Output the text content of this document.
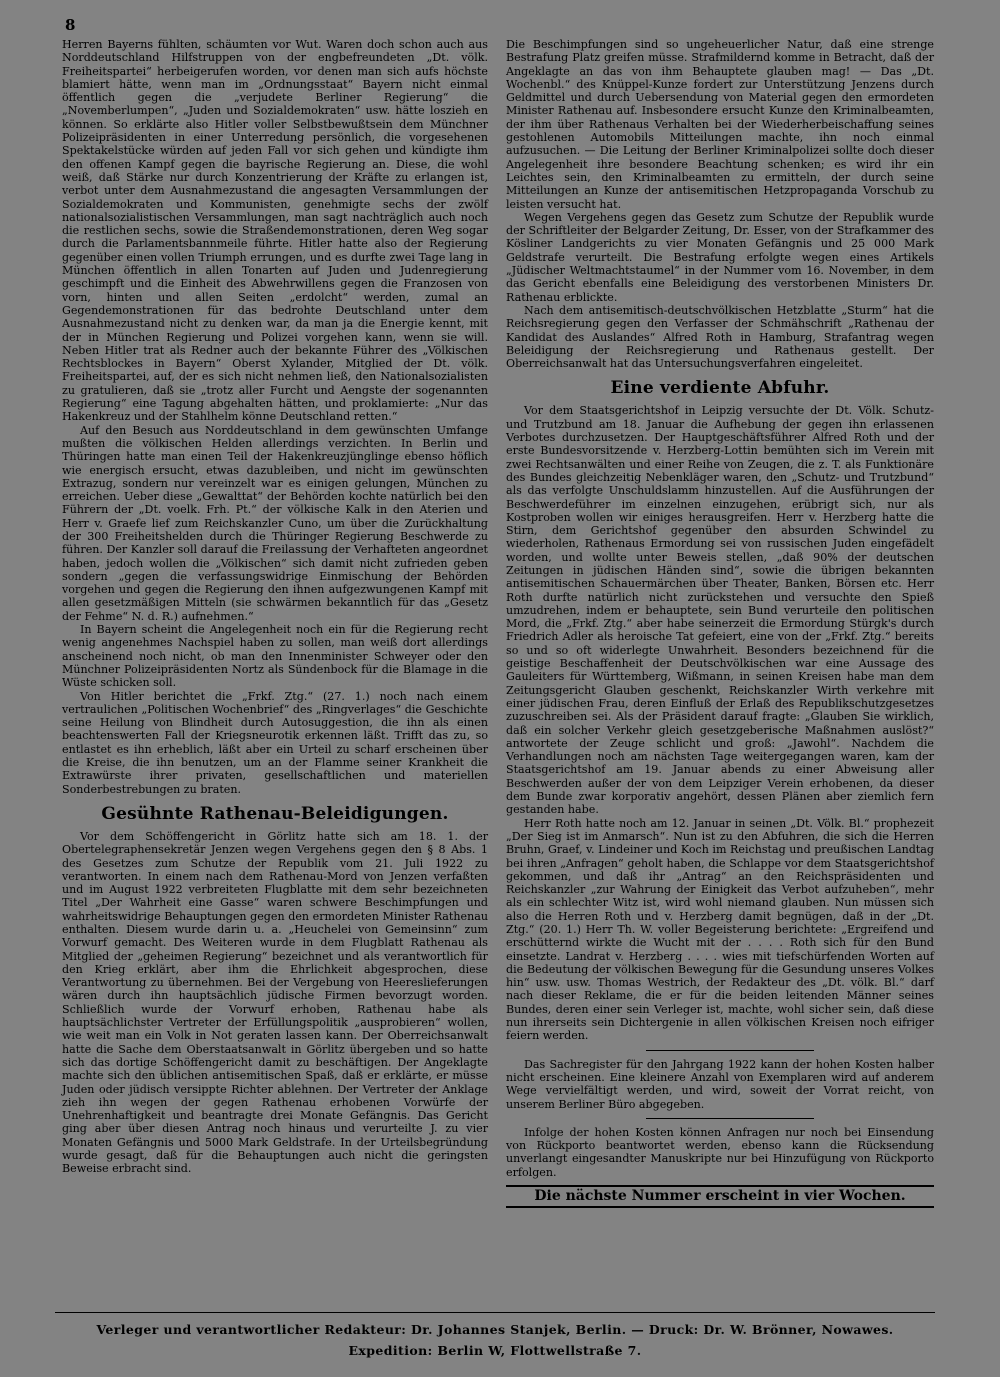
8

Herren Bayerns fühlten, schäumten vor Wut. Waren doch schon auch aus Norddeutschland Hilfstruppen von der engbefreundeten „Dt. völk. Freiheitspartei“ herbeigerufen worden, vor denen man sich aufs höchste blamiert hätte, wenn man im „Ordnungsstaat“ Bayern nicht einmal öffentlich gegen die „verjudete Berliner Regierung“ die „Novemberlumpen“, „Juden und Sozialdemokraten“ usw. hätte loszieh en können. So erklärte also Hitler voller Selbstbewußtsein dem Münchner Polizeipräsidenten in einer Unterredung persönlich, die vorgesehenen Spektakelstücke würden auf jeden Fall vor sich gehen und kündigte ihm den offenen Kampf gegen die bayrische Regierung an. Diese, die wohl weiß, daß Stärke nur durch Konzentrierung der Kräfte zu erlangen ist, verbot unter dem Ausnahmezustand die angesagten Versammlungen der Sozialdemokraten und Kommunisten, genehmigte sechs der zwölf nationalsozialistischen Versammlungen, man sagt nachträglich auch noch die restlichen sechs, sowie die Straßendemonstrationen, deren Weg sogar durch die Parlamentsbannmeile führte. Hitler hatte also der Regierung gegenüber einen vollen Triumph errungen, und es durfte zwei Tage lang in München öffentlich in allen Tonarten auf Juden und Judenregierung geschimpft und die Einheit des Abwehrwillens gegen die Franzosen von vorn, hinten und allen Seiten „erdolcht“ werden, zumal an Gegendemonstrationen für das bedrohte Deutschland unter dem Ausnahmezustand nicht zu denken war, da man ja die Energie kennt, mit der in München Regierung und Polizei vorgehen kann, wenn sie will. Neben Hitler trat als Redner auch der bekannte Führer des „Völkischen Rechtsblockes in Bayern“ Oberst Xylander, Mitglied der Dt. völk. Freiheitspartei, auf, der es sich nicht nehmen ließ, den Nationalsozialisten zu gratulieren, daß sie „trotz aller Furcht und Aengste der sogenannten Regierung“ eine Tagung abgehalten hätten, und proklamierte: „Nur das Hakenkreuz und der Stahlhelm könne Deutschland retten.“

Auf den Besuch aus Norddeutschland in dem gewünschten Umfange mußten die völkischen Helden allerdings verzichten. In Berlin und Thüringen hatte man einen Teil der Hakenkreuzjünglinge ebenso höflich wie energisch ersucht, etwas dazubleiben, und nicht im gewünschten Extrazug, sondern nur vereinzelt war es einigen gelungen, München zu erreichen. Ueber diese „Gewalttat“ der Behörden kochte natürlich bei den Führern der „Dt. voelk. Frh. Pt.“ der völkische Kalk in den Aterien und Herr v. Graefe lief zum Reichskanzler Cuno, um über die Zurückhaltung der 300 Freiheitshelden durch die Thüringer Regierung Beschwerde zu führen. Der Kanzler soll darauf die Freilassung der Verhafteten angeordnet haben, jedoch wollen die „Völkischen“ sich damit nicht zufrieden geben sondern „gegen die verfassungswidrige Einmischung der Behörden vorgehen und gegen die Regierung den ihnen aufgezwungenen Kampf mit allen gesetzmäßigen Mitteln (sie schwärmen bekanntlich für das „Gesetz der Fehme“ N. d. R.) aufnehmen.“

In Bayern scheint die Angelegenheit noch ein für die Regierung recht wenig angenehmes Nachspiel haben zu sollen, man weiß dort allerdings anscheinend noch nicht, ob man den Innenminister Schweyer oder den Münchner Polizeipräsidenten Nortz als Sündenbock für die Blamage in die Wüste schicken soll.

Von Hitler berichtet die „Frkf. Ztg.“ (27. 1.) noch nach einem vertraulichen „Politischen Wochenbrief“ des „Ringverlages“ die Geschichte seine Heilung von Blindheit durch Autosuggestion, die ihn als einen beachtenswerten Fall der Kriegsneurotik erkennen läßt. Trifft das zu, so entlastet es ihn erheblich, läßt aber ein Urteil zu scharf erscheinen über die Kreise, die ihn benutzen, um an der Flamme seiner Krankheit die Extrawürste ihrer privaten, gesellschaftlichen und materiellen Sonderbestrebungen zu braten.

Gesühnte Rathenau-Beleidigungen.

Vor dem Schöffengericht in Görlitz hatte sich am 18. 1. der Obertelegraphensekretär Jenzen wegen Vergehens gegen den § 8 Abs. 1 des Gesetzes zum Schutze der Republik vom 21. Juli 1922 zu verantworten. In einem nach dem Rathenau-Mord von Jenzen verfaßten und im August 1922 verbreiteten Flugblatte mit dem sehr bezeichneten Titel „Der Wahrheit eine Gasse“ waren schwere Beschimpfungen und wahrheitswidrige Behauptungen gegen den ermordeten Minister Rathenau enthalten. Diesem wurde darin u. a. „Heuchelei von Gemeinsinn“ zum Vorwurf gemacht. Des Weiteren wurde in dem Flugblatt Rathenau als Mitglied der „geheimen Regierung“ bezeichnet und als verantwortlich für den Krieg erklärt, aber ihm die Ehrlichkeit abgesprochen, diese Verantwortung zu übernehmen. Bei der Vergebung von Heereslieferungen wären durch ihn hauptsächlich jüdische Firmen bevorzugt worden. Schließlich wurde der Vorwurf erhoben, Rathenau habe als hauptsächlichster Vertreter der Erfüllungspolitik „ausprobieren“ wollen, wie weit man ein Volk in Not geraten lassen kann. Der Oberreichsanwalt hatte die Sache dem Oberstaatsanwalt in Görlitz übergeben und so hatte sich das dortige Schöffengericht damit zu beschäftigen. Der Angeklagte machte sich den üblichen antisemitischen Spaß, daß er erklärte, er müsse Juden oder jüdisch versippte Richter ablehnen. Der Vertreter der Anklage zieh ihn wegen der gegen Rathenau erhobenen Vorwürfe der Unehrenhaftigkeit und beantragte drei Monate Gefängnis. Das Gericht ging aber über diesen Antrag noch hinaus und verurteilte J. zu vier Monaten Gefängnis und 5000 Mark Geldstrafe. In der Urteilsbegründung wurde gesagt, daß für die Behauptungen auch nicht die geringsten Beweise erbracht sind.

Die Beschimpfungen sind so ungeheuerlicher Natur, daß eine strenge Bestrafung Platz greifen müsse. Strafmildernd komme in Betracht, daß der Angeklagte an das von ihm Behauptete glauben mag! — Das „Dt. Wochenbl.“ des Knüppel-Kunze fordert zur Unterstützung Jenzens durch Geldmittel und durch Uebersendung von Material gegen den ermordeten Minister Rathenau auf. Insbesondere ersucht Kunze den Kriminalbeamten, der ihm über Rathenaus Verhalten bei der Wiederherbeischaffung seines gestohlenen Automobils Mitteilungen machte, ihn noch einmal aufzusuchen. — Die Leitung der Berliner Kriminalpolizei sollte doch dieser Angelegenheit ihre besondere Beachtung schenken; es wird ihr ein Leichtes sein, den Kriminalbeamten zu ermitteln, der durch seine Mitteilungen an Kunze der antisemitischen Hetzpropaganda Vorschub zu leisten versucht hat.

Wegen Vergehens gegen das Gesetz zum Schutze der Republik wurde der Schriftleiter der Belgarder Zeitung, Dr. Esser, von der Strafkammer des Kösliner Landgerichts zu vier Monaten Gefängnis und 25 000 Mark Geldstrafe verurteilt. Die Bestrafung erfolgte wegen eines Artikels „Jüdischer Weltmachtstaumel“ in der Nummer vom 16. November, in dem das Gericht ebenfalls eine Beleidigung des verstorbenen Ministers Dr. Rathenau erblickte.

Nach dem antisemitisch-deutschvölkischen Hetzblatte „Sturm“ hat die Reichsregierung gegen den Verfasser der Schmähschrift „Rathenau der Kandidat des Auslandes“ Alfred Roth in Hamburg, Strafantrag wegen Beleidigung der Reichsregierung und Rathenaus gestellt. Der Oberreichsanwalt hat das Untersuchungsverfahren eingeleitet.

Eine verdiente Abfuhr.

Vor dem Staatsgerichtshof in Leipzig versuchte der Dt. Völk. Schutz- und Trutzbund am 18. Januar die Aufhebung der gegen ihn erlassenen Verbotes durchzusetzen. Der Hauptgeschäftsführer Alfred Roth und der erste Bundesvorsitzende v. Herzberg-Lottin bemühten sich im Verein mit zwei Rechtsanwälten und einer Reihe von Zeugen, die z. T. als Funktionäre des Bundes gleichzeitig Nebenkläger waren, den „Schutz- und Trutzbund“ als das verfolgte Unschuldslamm hinzustellen. Auf die Ausführungen der Beschwerdeführer im einzelnen einzugehen, erübrigt sich, nur als Kostproben wollen wir einiges herausgreifen. Herr v. Herzberg hatte die Stirn, dem Gerichtshof gegenüber den absurden Schwindel zu wiederholen, Rathenaus Ermordung sei von russischen Juden eingefädelt worden, und wollte unter Beweis stellen, „daß 90% der deutschen Zeitungen in jüdischen Händen sind“, sowie die übrigen bekannten antisemitischen Schauermärchen über Theater, Banken, Börsen etc. Herr Roth durfte natürlich nicht zurückstehen und versuchte den Spieß umzudrehen, indem er behauptete, sein Bund verurteile den politischen Mord, die „Frkf. Ztg.“ aber habe seinerzeit die Ermordung Stürgk's durch Friedrich Adler als heroische Tat gefeiert, eine von der „Frkf. Ztg.“ bereits so und so oft widerlegte Unwahrheit. Besonders bezeichnend für die geistige Beschaffenheit der Deutschvölkischen war eine Aussage des Gauleiters für Württemberg, Wißmann, in seinen Kreisen habe man dem Zeitungsgericht Glauben geschenkt, Reichskanzler Wirth verkehre mit einer jüdischen Frau, deren Einfluß der Erlaß des Republikschutzgesetzes zuzuschreiben sei. Als der Präsident darauf fragte: „Glauben Sie wirklich, daß ein solcher Verkehr gleich gesetzgeberische Maßnahmen auslöst?“ antwortete der Zeuge schlicht und groß: „Jawohl“. Nachdem die Verhandlungen noch am nächsten Tage weitergegangen waren, kam der Staatsgerichtshof am 19. Januar abends zu einer Abweisung aller Beschwerden außer der von dem Leipziger Verein erhobenen, da dieser dem Bunde zwar korporativ angehört, dessen Plänen aber ziemlich fern gestanden habe.

Herr Roth hatte noch am 12. Januar in seinen „Dt. Völk. Bl.“ prophezeit „Der Sieg ist im Anmarsch“. Nun ist zu den Abfuhren, die sich die Herren Bruhn, Graef, v. Lindeiner und Koch im Reichstag und preußischen Landtag bei ihren „Anfragen“ geholt haben, die Schlappe vor dem Staatsgerichtshof gekommen, und daß ihr „Antrag“ an den Reichspräsidenten und Reichskanzler „zur Wahrung der Einigkeit das Verbot aufzuheben“, mehr als ein schlechter Witz ist, wird wohl niemand glauben. Nun müssen sich also die Herren Roth und v. Herzberg damit begnügen, daß in der „Dt. Ztg.“ (20. 1.) Herr Th. W. voller Begeisterung berichtete: „Ergreifend und erschütternd wirkte die Wucht mit der . . . . Roth sich für den Bund einsetzte. Landrat v. Herzberg . . . . wies mit tiefschürfenden Worten auf die Bedeutung der völkischen Bewegung für die Gesundung unseres Volkes hin“ usw. usw. Thomas Westrich, der Redakteur des „Dt. völk. Bl.“ darf nach dieser Reklame, die er für die beiden leitenden Männer seines Bundes, deren einer sein Verleger ist, machte, wohl sicher sein, daß diese nun ihrerseits sein Dichtergenie in allen völkischen Kreisen noch eifriger feiern werden.

Das Sachregister für den Jahrgang 1922 kann der hohen Kosten halber nicht erscheinen. Eine kleinere Anzahl von Exemplaren wird auf anderem Wege vervielfältigt werden, und wird, soweit der Vorrat reicht, von unserem Berliner Büro abgegeben.

Infolge der hohen Kosten können Anfragen nur noch bei Einsendung von Rückporto beantwortet werden, ebenso kann die Rücksendung unverlangt eingesandter Manuskripte nur bei Hinzufügung von Rückporto erfolgen.

Die nächste Nummer erscheint in vier Wochen.
Verleger und verantwortlicher Redakteur: Dr. Johannes Stanjek, Berlin. — Druck: Dr. W. Brönner, Nowawes.
Expedition: Berlin W, Flottwellstraße 7.
